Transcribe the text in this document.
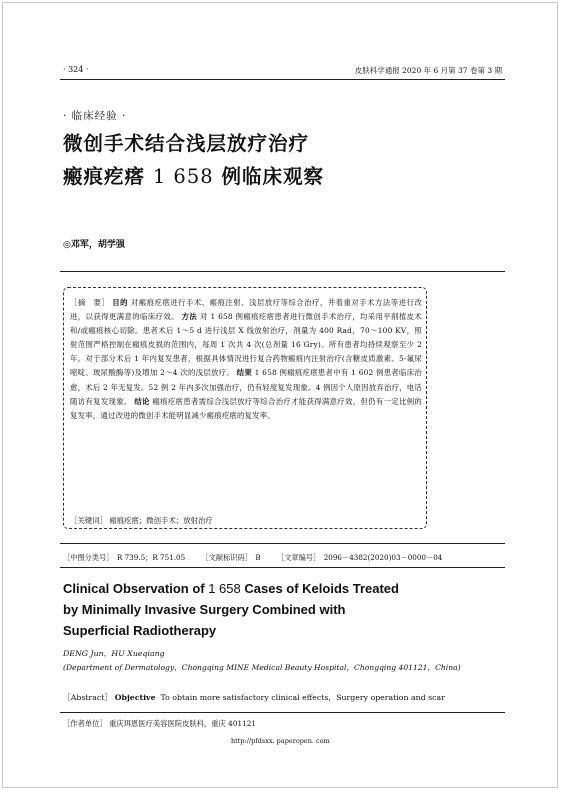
· 324 ·	皮肤科学通报 2020 年 6 月第 37 卷第 3 期
· 临床经验 ·
微创手术结合浅层放疗治疗
瘢痕疙瘩 1 658 例临床观察
◎邓军，胡学强
［摘　要］ 目的 对瘢痕疙瘩进行手术、瘢痕注射、浅层放疗等综合治疗，并着重对手术方法等进行改进，以获得更满意的临床疗效。 方法 对 1 658 例瘢痕疙瘩患者进行微创手术治疗，均采用平削植皮术和/或瘢痕核心切除。患者术后 1～5 d 进行浅层 X 线放射治疗，剂量为 400 Rad，70～100 KV，照射范围严格控制在瘢痕皮损的范围内，每周 1 次共 4 次(总剂量 16 Gry)。所有患者均持续观察至少 2 年。对于部分术后 1 年内复发患者，根据具体情况进行复合药物瘢痕内注射治疗(含糖皮质激素、5-氟尿嘧啶、玻尿酸酶等)及增加 2～4 次的浅层放疗。 结果 1 658 例瘢痕疙瘩患者中有 1 602 例患者临床治愈，术后 2 年无复发。52 例 2 年内多次加强治疗，仍有轻度复发现象。4 例因个人原因放弃治疗，电话随访有复发现象。 结论 瘢痕疙瘩患者需综合浅层放疗等综合治疗才能获得满意疗效，但仍有一定比例的复发率，通过改进的微创手术能明显减少瘢痕疙瘩的复发率。
［关键词］ 瘢痕疙瘩；微创手术；放射治疗
［中图分类号］　R 739.5；R 751.05 ［文献标识码］　B ［文章编号］　2096－4382(2020)03－0000－04
Clinical Observation of 1 658 Cases of Keloids Treated
by Minimally Invasive Surgery Combined with
Superficial Radiotherapy
DENG Jun，HU Xueqiang
(Department of Dermatology，Chongqing MINE Medical Beauty Hospital，Chongqing 401121，China)
［Abstract］ Objective To obtain more satisfactory clinical effects，Surgery operation and scar
［作者单位］ 重庆珥恩医疗美容医院皮肤科，重庆 401121
http://pfdsxx. paperopen. com
